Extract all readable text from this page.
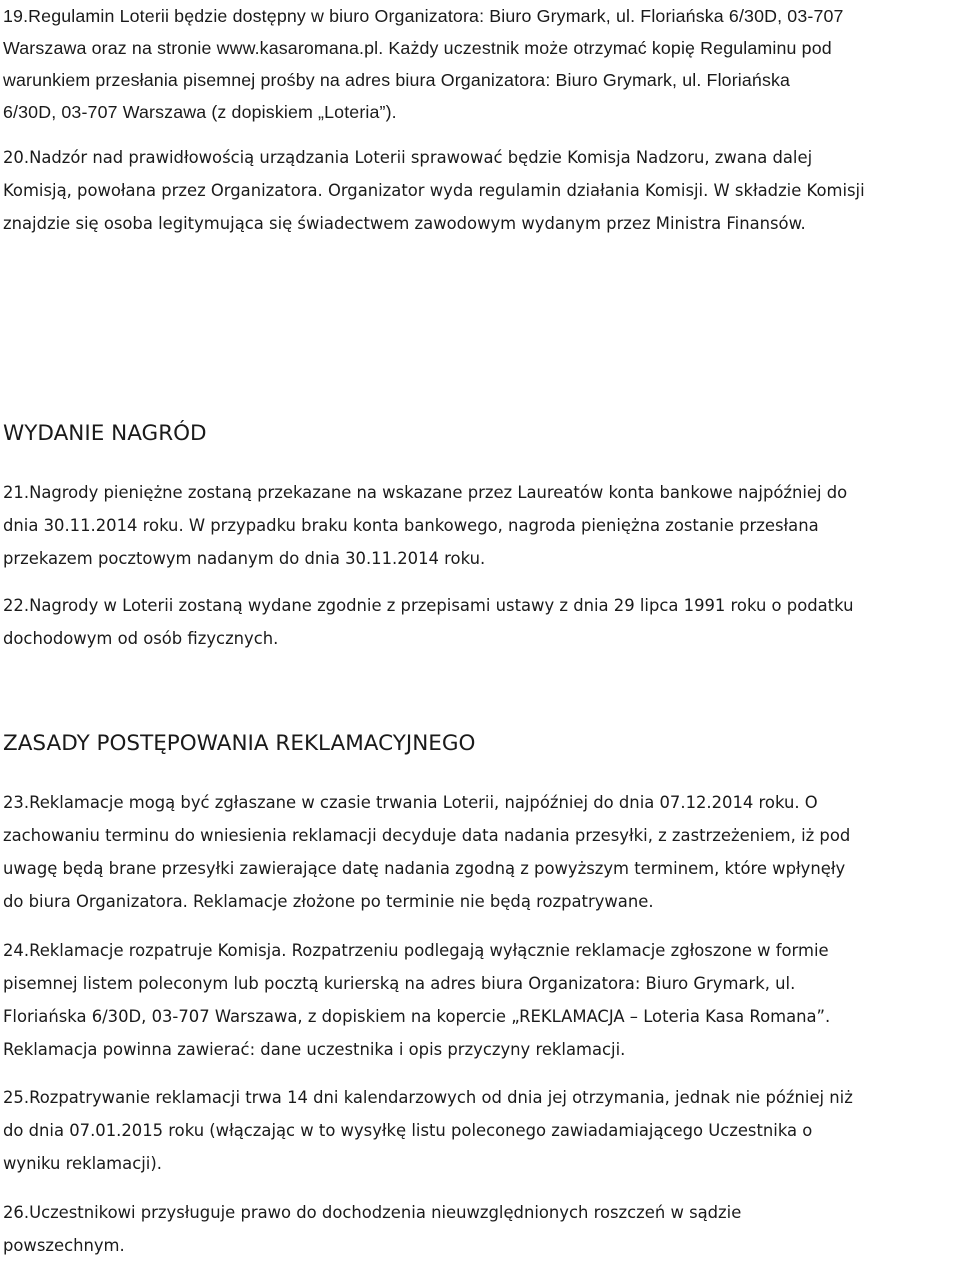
19.Regulamin Loterii będzie dostępny w biuro Organizatora: Biuro Grymark, ul. Floriańska 6/30D, 03-707
Warszawa oraz na stronie www.kasaromana.pl. Każdy uczestnik może otrzymać kopię Regulaminu pod
warunkiem przesłania pisemnej prośby na adres biura Organizatora: Biuro Grymark, ul. Floriańska
6/30D, 03-707 Warszawa (z dopiskiem „Loteria”).
20.Nadzór nad prawidłowością urządzania Loterii sprawować będzie Komisja Nadzoru, zwana dalej
Komisją, powołana przez Organizatora. Organizator wyda regulamin działania Komisji. W składzie Komisji
znajdzie się osoba legitymująca się świadectwem zawodowym wydanym przez Ministra Finansów.
WYDANIE NAGRÓD
21.Nagrody pieniężne zostaną przekazane na wskazane przez Laureatów konta bankowe najpóźniej do
dnia 30.11.2014 roku. W przypadku braku konta bankowego, nagroda pieniężna zostanie przesłana
przekazem pocztowym nadanym do dnia 30.11.2014 roku.
22.Nagrody w Loterii zostaną wydane zgodnie z przepisami ustawy z dnia 29 lipca 1991 roku o podatku
dochodowym od osób fizycznych.
ZASADY POSTĘPOWANIA REKLAMACYJNEGO
23.Reklamacje mogą być zgłaszane w czasie trwania Loterii, najpóźniej do dnia 07.12.2014 roku. O
zachowaniu terminu do wniesienia reklamacji decyduje data nadania przesyłki, z zastrzeżeniem, iż pod
uwagę będą brane przesyłki zawierające datę nadania zgodną z powyższym terminem, które wpłynęły
do biura Organizatora. Reklamacje złożone po terminie nie będą rozpatrywane.
24.Reklamacje rozpatruje Komisja. Rozpatrzeniu podlegają wyłącznie reklamacje zgłoszone w formie
pisemnej listem poleconym lub pocztą kurierską na adres biura Organizatora: Biuro Grymark, ul.
Floriańska 6/30D, 03-707 Warszawa, z dopiskiem na kopercie „REKLAMACJA – Loteria Kasa Romana”.
Reklamacja powinna zawierać: dane uczestnika i opis przyczyny reklamacji.
25.Rozpatrywanie reklamacji trwa 14 dni kalendarzowych od dnia jej otrzymania, jednak nie później niż
do dnia 07.01.2015 roku (włączając w to wysyłkę listu poleconego zawiadamiającego Uczestnika o
wyniku reklamacji).
26.Uczestnikowi przysługuje prawo do dochodzenia nieuwzględnionych roszczeń w sądzie
powszechnym.
